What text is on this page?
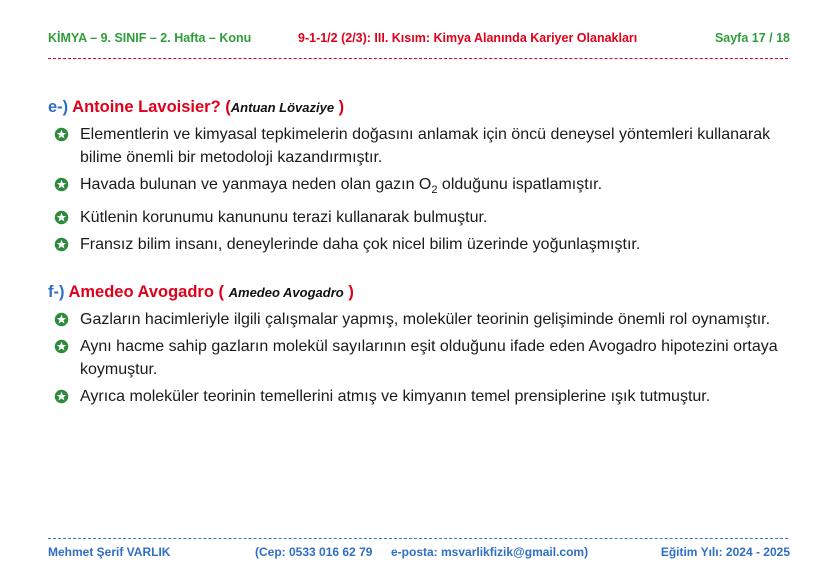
KİMYA – 9. SINIF – 2. Hafta – Konu	9-1-1/2 (2/3): III. Kısım: Kimya Alanında Kariyer Olanakları	Sayfa 17 / 18
e-) Antoine Lavoisier? (Antuan Lövaziye )
Elementlerin ve kimyasal tepkimelerin doğasını anlamak için öncü deneysel yöntemleri kullanarak bilime önemli bir metodoloji kazandırmıştır.
Havada bulunan ve yanmaya neden olan gazın $O_2$ olduğunu ispatlamıştır.
Kütlenin korunumu kanununu terazi kullanarak bulmuştur.
Fransız bilim insanı, deneylerinde daha çok nicel bilim üzerinde yoğunlaşmıştır.
f-) Amedeo Avogadro ( Amedeo Avogadro )
Gazların hacimleriyle ilgili çalışmalar yapmış, moleküler teorinin gelişiminde önemli rol oynamıştır.
Aynı hacme sahip gazların molekül sayılarının eşit olduğunu ifade eden Avogadro hipotezini ortaya koymuştur.
Ayrıca moleküler teorinin temellerini atmış ve kimyanın temel prensiplerine ışık tutmuştur.
Mehmet Şerif VARLIK	(Cep: 0533 016 62 79 e-posta: msvarlikfizik@gmail.com)	Eğitim Yılı: 2024 - 2025
